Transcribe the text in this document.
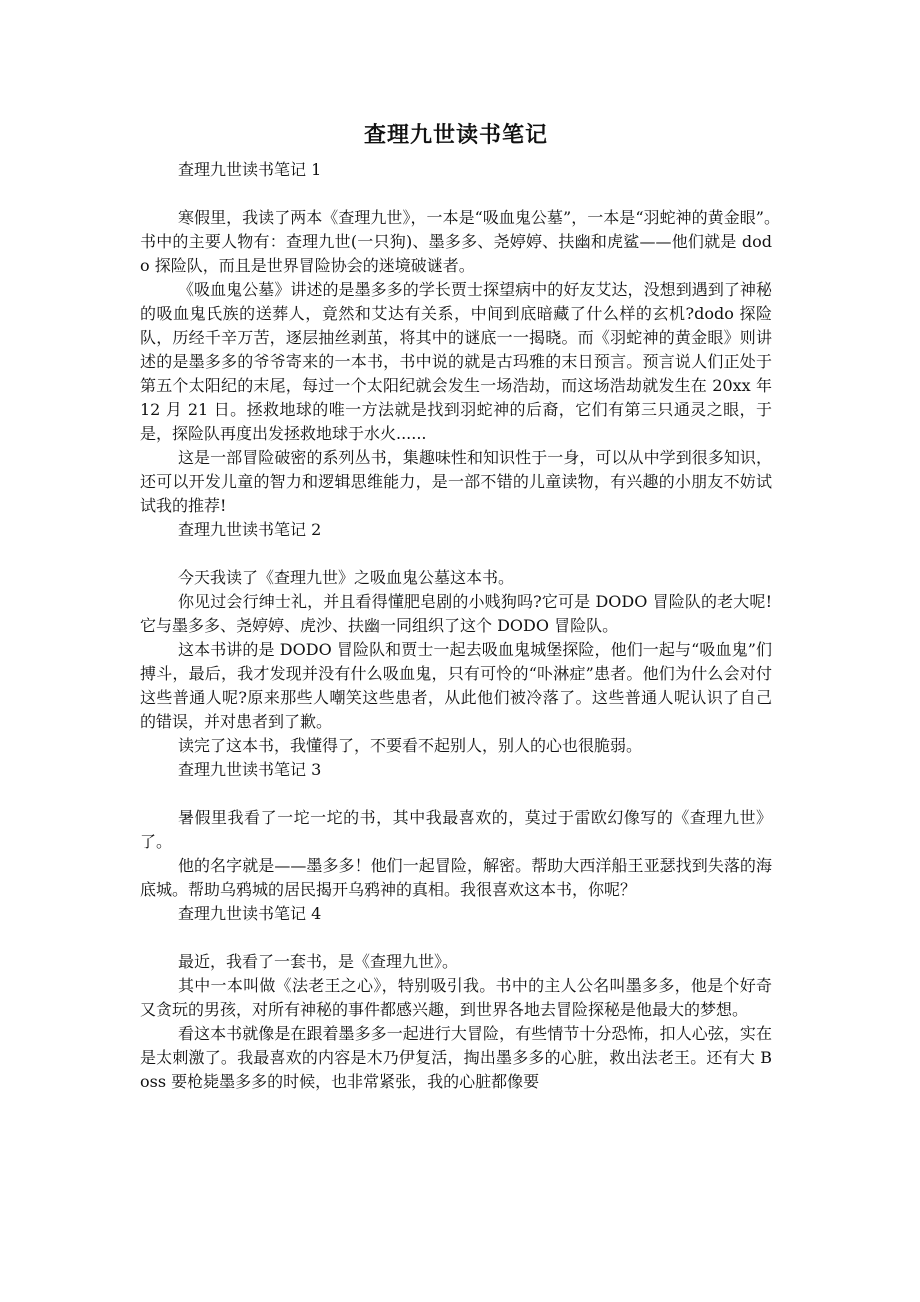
查理九世读书笔记

查理九世读书笔记 1

寒假里，我读了两本《查理九世》，一本是“吸血鬼公墓”，一本是“羽蛇神的黄金眼”。　　书中的主要人物有：查理九世(一只狗)、墨多多、尧婷婷、扶幽和虎鲨——他们就是 dodo 探险队，而且是世界冒险协会的迷境破谜者。

《吸血鬼公墓》讲述的是墨多多的学长贾士探望病中的好友艾达，没想到遇到了神秘的吸血鬼氏族的送葬人，竟然和艾达有关系，中间到底暗藏了什么样的玄机?dodo 探险队，历经千辛万苦，逐层抽丝剥茧，将其中的谜底一一揭晓。而《羽蛇神的黄金眼》则讲述的是墨多多的爷爷寄来的一本书，书中说的就是古玛雅的末日预言。预言说人们正处于第五个太阳纪的末尾，每过一个太阳纪就会发生一场浩劫，而这场浩劫就发生在 20xx 年 12 月 21 日。拯救地球的唯一方法就是找到羽蛇神的后裔，它们有第三只通灵之眼，于是，探险队再度出发拯救地球于水火......

这是一部冒险破密的系列丛书，集趣味性和知识性于一身，可以从中学到很多知识，还可以开发儿童的智力和逻辑思维能力，是一部不错的儿童读物，有兴趣的小朋友不妨试试我的推荐!

查理九世读书笔记 2

今天我读了《查理九世》之吸血鬼公墓这本书。

你见过会行绅士礼，并且看得懂肥皂剧的小贱狗吗?它可是 DODO 冒险队的老大呢!它与墨多多、尧婷婷、虎沙、扶幽一同组织了这个 DODO 冒险队。

这本书讲的是 DODO 冒险队和贾士一起去吸血鬼城堡探险，他们一起与“吸血鬼”们搏斗，最后，我才发现并没有什么吸血鬼，只有可怜的“卟淋症”患者。他们为什么会对付这些普通人呢?原来那些人嘲笑这些患者，从此他们被冷落了。这些普通人呢认识了自己的错误，并对患者到了歉。

读完了这本书，我懂得了，不要看不起别人，别人的心也很脆弱。

查理九世读书笔记 3

暑假里我看了一坨一坨的书，其中我最喜欢的，莫过于雷欧幻像写的《查理九世》了。

他的名字就是——墨多多！他们一起冒险，解密。帮助大西洋船王亚瑟找到失落的海底城。帮助乌鸦城的居民揭开乌鸦神的真相。我很喜欢这本书，你呢？

查理九世读书笔记 4

最近，我看了一套书，是《查理九世》。

其中一本叫做《法老王之心》，特别吸引我。书中的主人公名叫墨多多，他是个好奇又贪玩的男孩，对所有神秘的事件都感兴趣，到世界各地去冒险探秘是他最大的梦想。

看这本书就像是在跟着墨多多一起进行大冒险，有些情节十分恐怖，扣人心弦，实在是太刺激了。我最喜欢的内容是木乃伊复活，掏出墨多多的心脏，救出法老王。还有大 Boss 要枪毙墨多多的时候，也非常紧张，我的心脏都像要
